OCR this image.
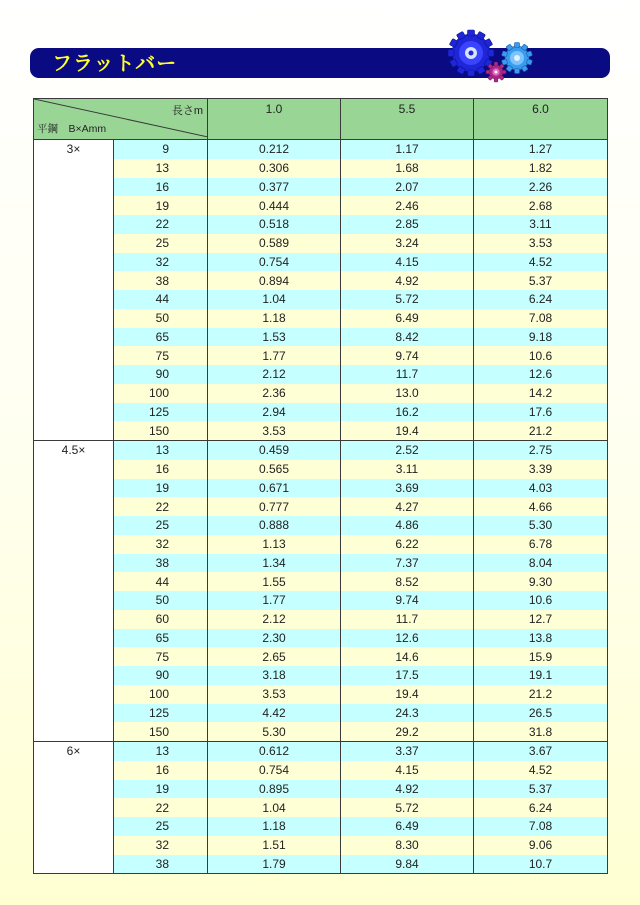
フラットバー
長さm
平鋼　B×Amm		1.0	5.5	6.0
3×	9	0.212	1.17	1.27
	13	0.306	1.68	1.82
	16	0.377	2.07	2.26
	19	0.444	2.46	2.68
	22	0.518	2.85	3.11
	25	0.589	3.24	3.53
	32	0.754	4.15	4.52
	38	0.894	4.92	5.37
	44	1.04	5.72	6.24
	50	1.18	6.49	7.08
	65	1.53	8.42	9.18
	75	1.77	9.74	10.6
	90	2.12	11.7	12.6
	100	2.36	13.0	14.2
	125	2.94	16.2	17.6
	150	3.53	19.4	21.2
4.5×	13	0.459	2.52	2.75
	16	0.565	3.11	3.39
	19	0.671	3.69	4.03
	22	0.777	4.27	4.66
	25	0.888	4.86	5.30
	32	1.13	6.22	6.78
	38	1.34	7.37	8.04
	44	1.55	8.52	9.30
	50	1.77	9.74	10.6
	60	2.12	11.7	12.7
	65	2.30	12.6	13.8
	75	2.65	14.6	15.9
	90	3.18	17.5	19.1
	100	3.53	19.4	21.2
	125	4.42	24.3	26.5
	150	5.30	29.2	31.8
6×	13	0.612	3.37	3.67
	16	0.754	4.15	4.52
	19	0.895	4.92	5.37
	22	1.04	5.72	6.24
	25	1.18	6.49	7.08
	32	1.51	8.30	9.06
	38	1.79	9.84	10.7
